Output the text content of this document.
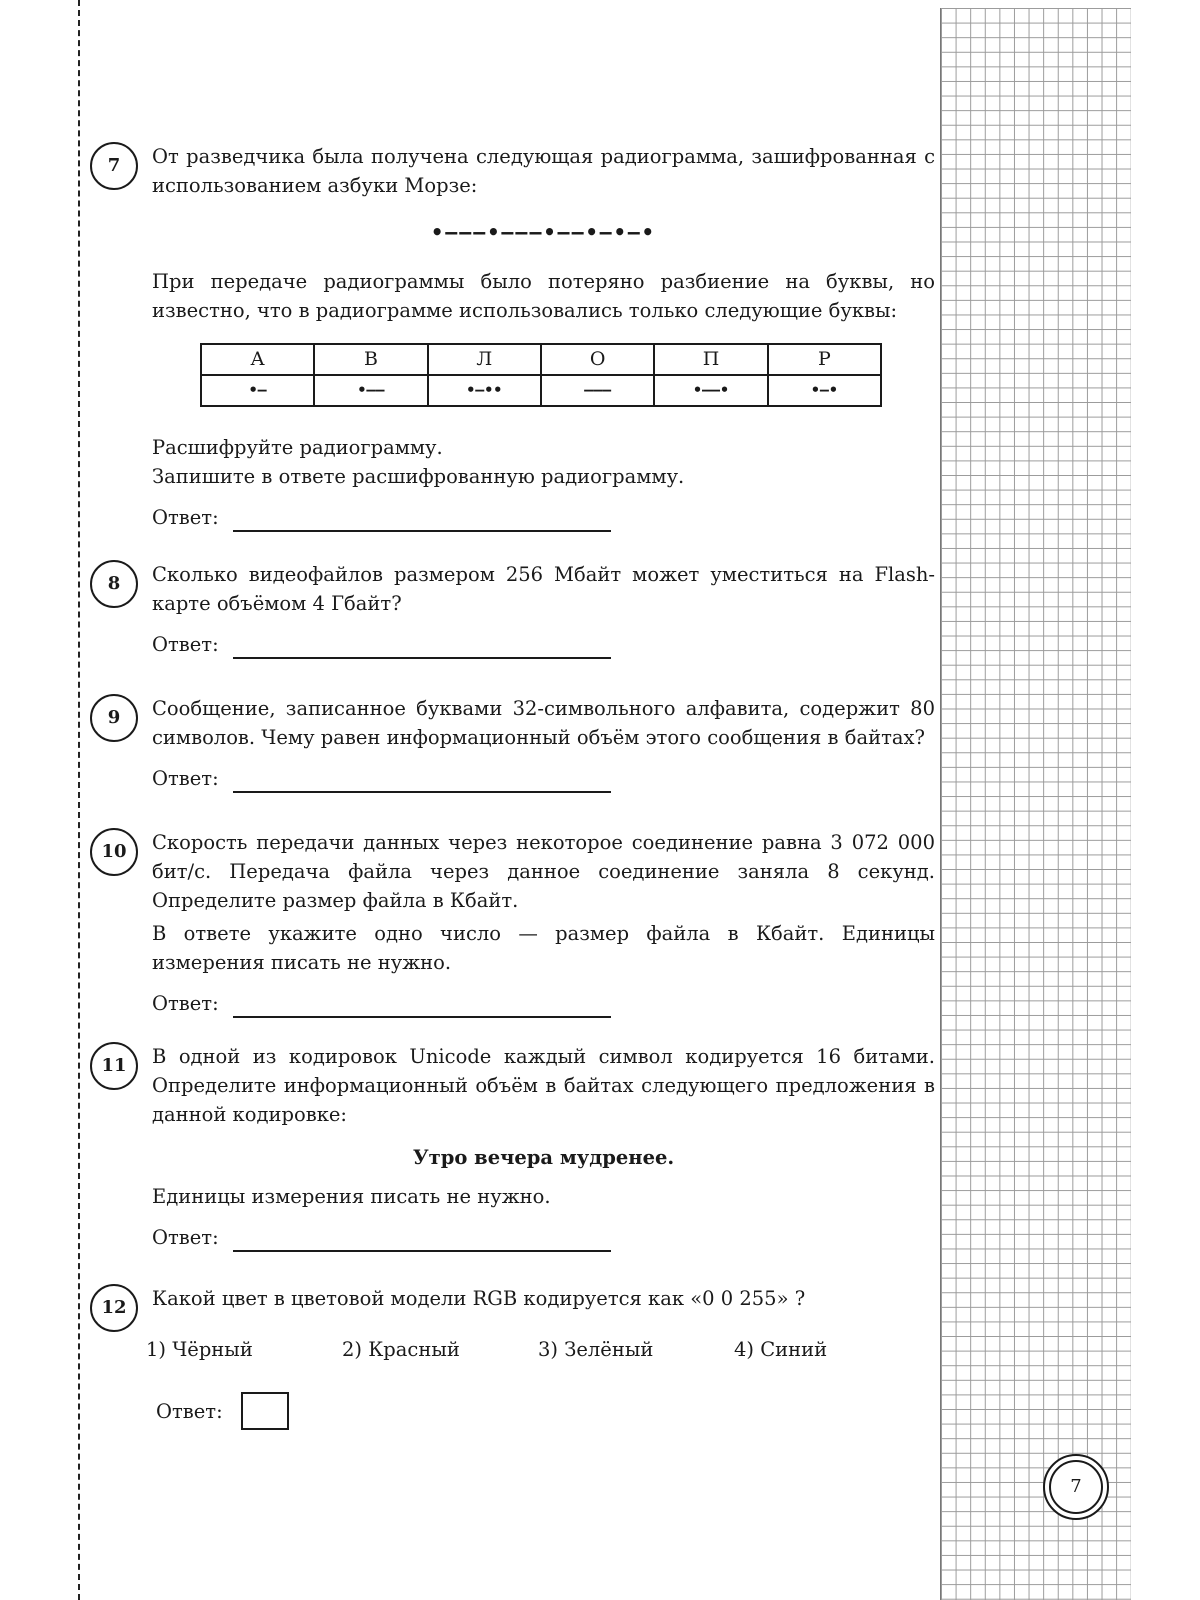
7	От разведчика была получена следующая радиограмма, зашифрованная с использованием азбуки Морзе:

•–––•–––•––•–•–•

При передаче радиограммы было потеряно разбиение на буквы, но известно, что в радиограмме использовались только следующие буквы:

А	В	Л	О	П	Р
•–	•––	•–••	–––	•––•	•–•

Расшифруйте радиограмму.

Запишите в ответе расшифрованную радиограмму.

Ответ:
8	Сколько видеофайлов размером 256 Мбайт может уместиться на Flash-карте объёмом 4 Гбайт?

Ответ:
9	Сообщение, записанное буквами 32-символьного алфавита, содержит 80 символов. Чему равен информационный объём этого сообщения в байтах?

Ответ:
10	Скорость передачи данных через некоторое соединение равна 3 072 000 бит/с. Передача файла через данное соединение заняла 8 секунд. Определите размер файла в Кбайт.

В ответе укажите одно число — размер файла в Кбайт. Единицы измерения писать не нужно.

Ответ:
11	В одной из кодировок Unicode каждый символ кодируется 16 битами. Определите информационный объём в байтах следующего предложения в данной кодировке:

Утро вечера мудренее.

Единицы измерения писать не нужно.

Ответ:
12	Какой цвет в цветовой модели RGB кодируется как «0 0 255» ?

1) Чёрный	2) Красный	3) Зелёный	4) Синий
Ответ:
7
